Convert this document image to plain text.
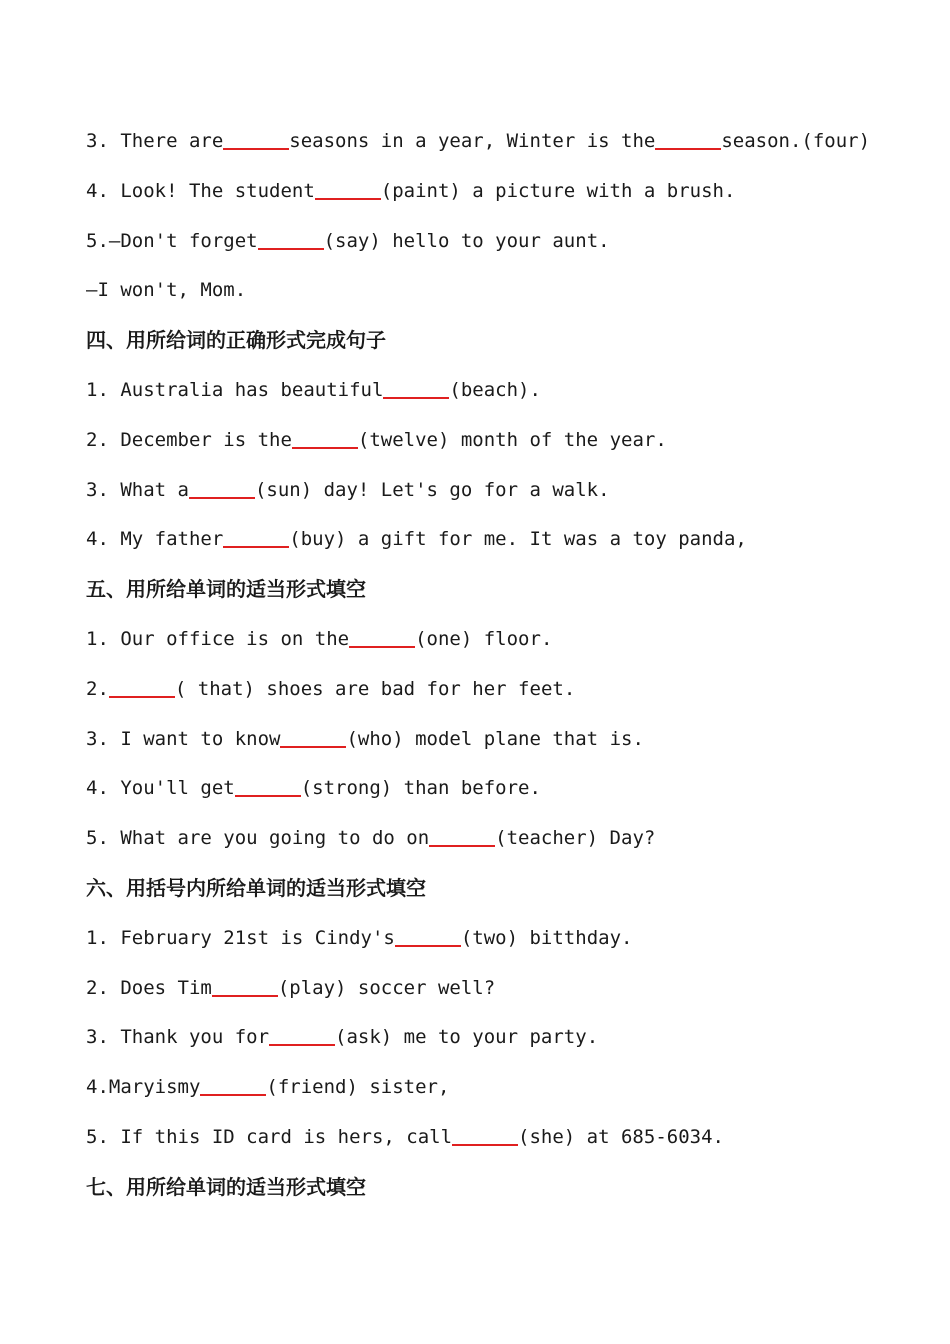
3. There are	seasons in a year, Winter is the	season.(four)
4. Look! The student	(paint) a picture with a brush.
5.—Don't forget	(say) hello to your aunt.
—I won't, Mom.
四、用所给词的正确形式完成句子
1. Australia has beautiful	(beach).
2. December is the	(twelve) month of the year.
3. What a	(sun) day! Let's go for a walk.
4. My father	(buy) a gift for me. It was a toy panda,
五、用所给单词的适当形式填空
1. Our office is on the	(one) floor.
2.	( that) shoes are bad for her feet.
3. I want to know	(who) model plane that is.
4. You'll get	(strong) than before.
5. What are you going to do on	(teacher) Day?
六、用括号内所给单词的适当形式填空
1. February 21st is Cindy's	(two) bitthday.
2. Does Tim	(play) soccer well?
3. Thank you for	(ask) me to your party.
4.Maryismy	(friend) sister,
5. If this ID card is hers, call	(she) at 685-6034.
七、用所给单词的适当形式填空
